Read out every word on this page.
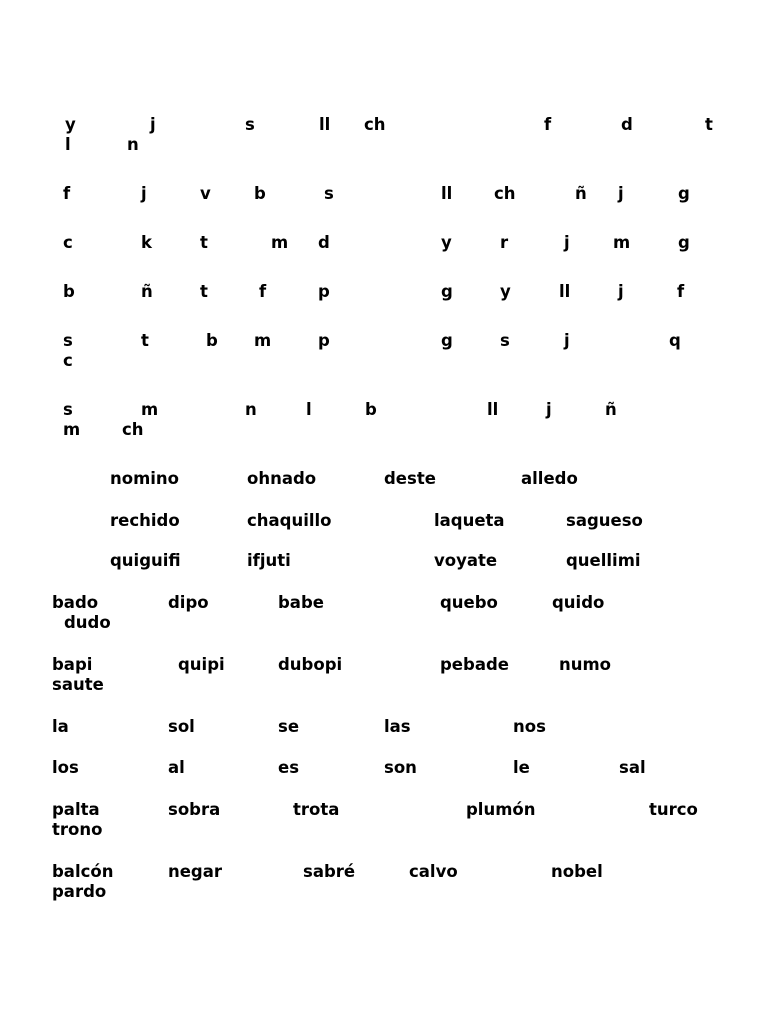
y	j	s	ll ch	f	d	t
l	n
f	j	v	b	s	ll	ch	ñ j	g
c	k	t	m d	y	r	j	m	g
b	ñ	t	f	p	g	y	ll	j	f
s	t	b m	p	g	s	j	q
c
s	m	n	l	b	ll	j	ñ
m	ch
nomino	ohnado	deste	alledo
rechido	chaquillo	laqueta	sagueso
quiguifi	ifjuti	voyate	quellimi
bado	dipo	babe	quebo	quido
dudo
bapi	quipi	dubopi	pebade	numo
saute
la	sol	se	las	nos
los	al	es	son	le	sal
palta	sobra	trota	plumón	turco
trono
balcón	negar	sabré	calvo	nobel
pardo
